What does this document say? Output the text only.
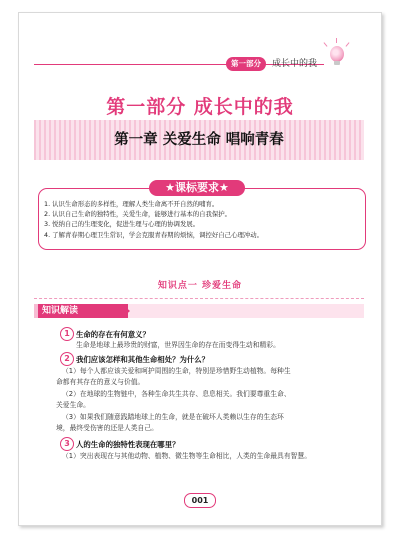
第一部分	成长中的我
第一部分 成长中的我
第一章 关爱生命 唱响青春
★课标要求★
1. 认识生命形态的多样性，理解人类生命离不开自然的哺育。
2. 认识自己生命的独特性，关爱生命，能够进行基本的自我保护。
3. 悦纳自己的生理变化，促进生理与心理的协调发展。
4. 了解青春期心理卫生常识，学会克服青春期的烦恼，调控好自己心理冲动。
知识点一 珍爱生命
知识解读
1 生命的存在有何意义？
生命是地球上最珍贵的财富，世界因生命的存在而变得生动和精彩。
2 我们应该怎样和其他生命相处？为什么？
（1）每个人都应该关爱和呵护周围的生命，特别是珍惜野生动植物。每种生
命都有其存在的意义与价值。
（2）在地球的生物链中，各种生命共生共存、息息相关。我们要尊重生命、
关爱生命。
（3）如果我们随意践踏地球上的生命，就是在破坏人类赖以生存的生态环
境，最终受伤害的还是人类自己。
3 人的生命的独特性表现在哪里？
（1）突出表现在与其他动物、植物、微生物等生命相比，人类的生命最具有智慧。
001
